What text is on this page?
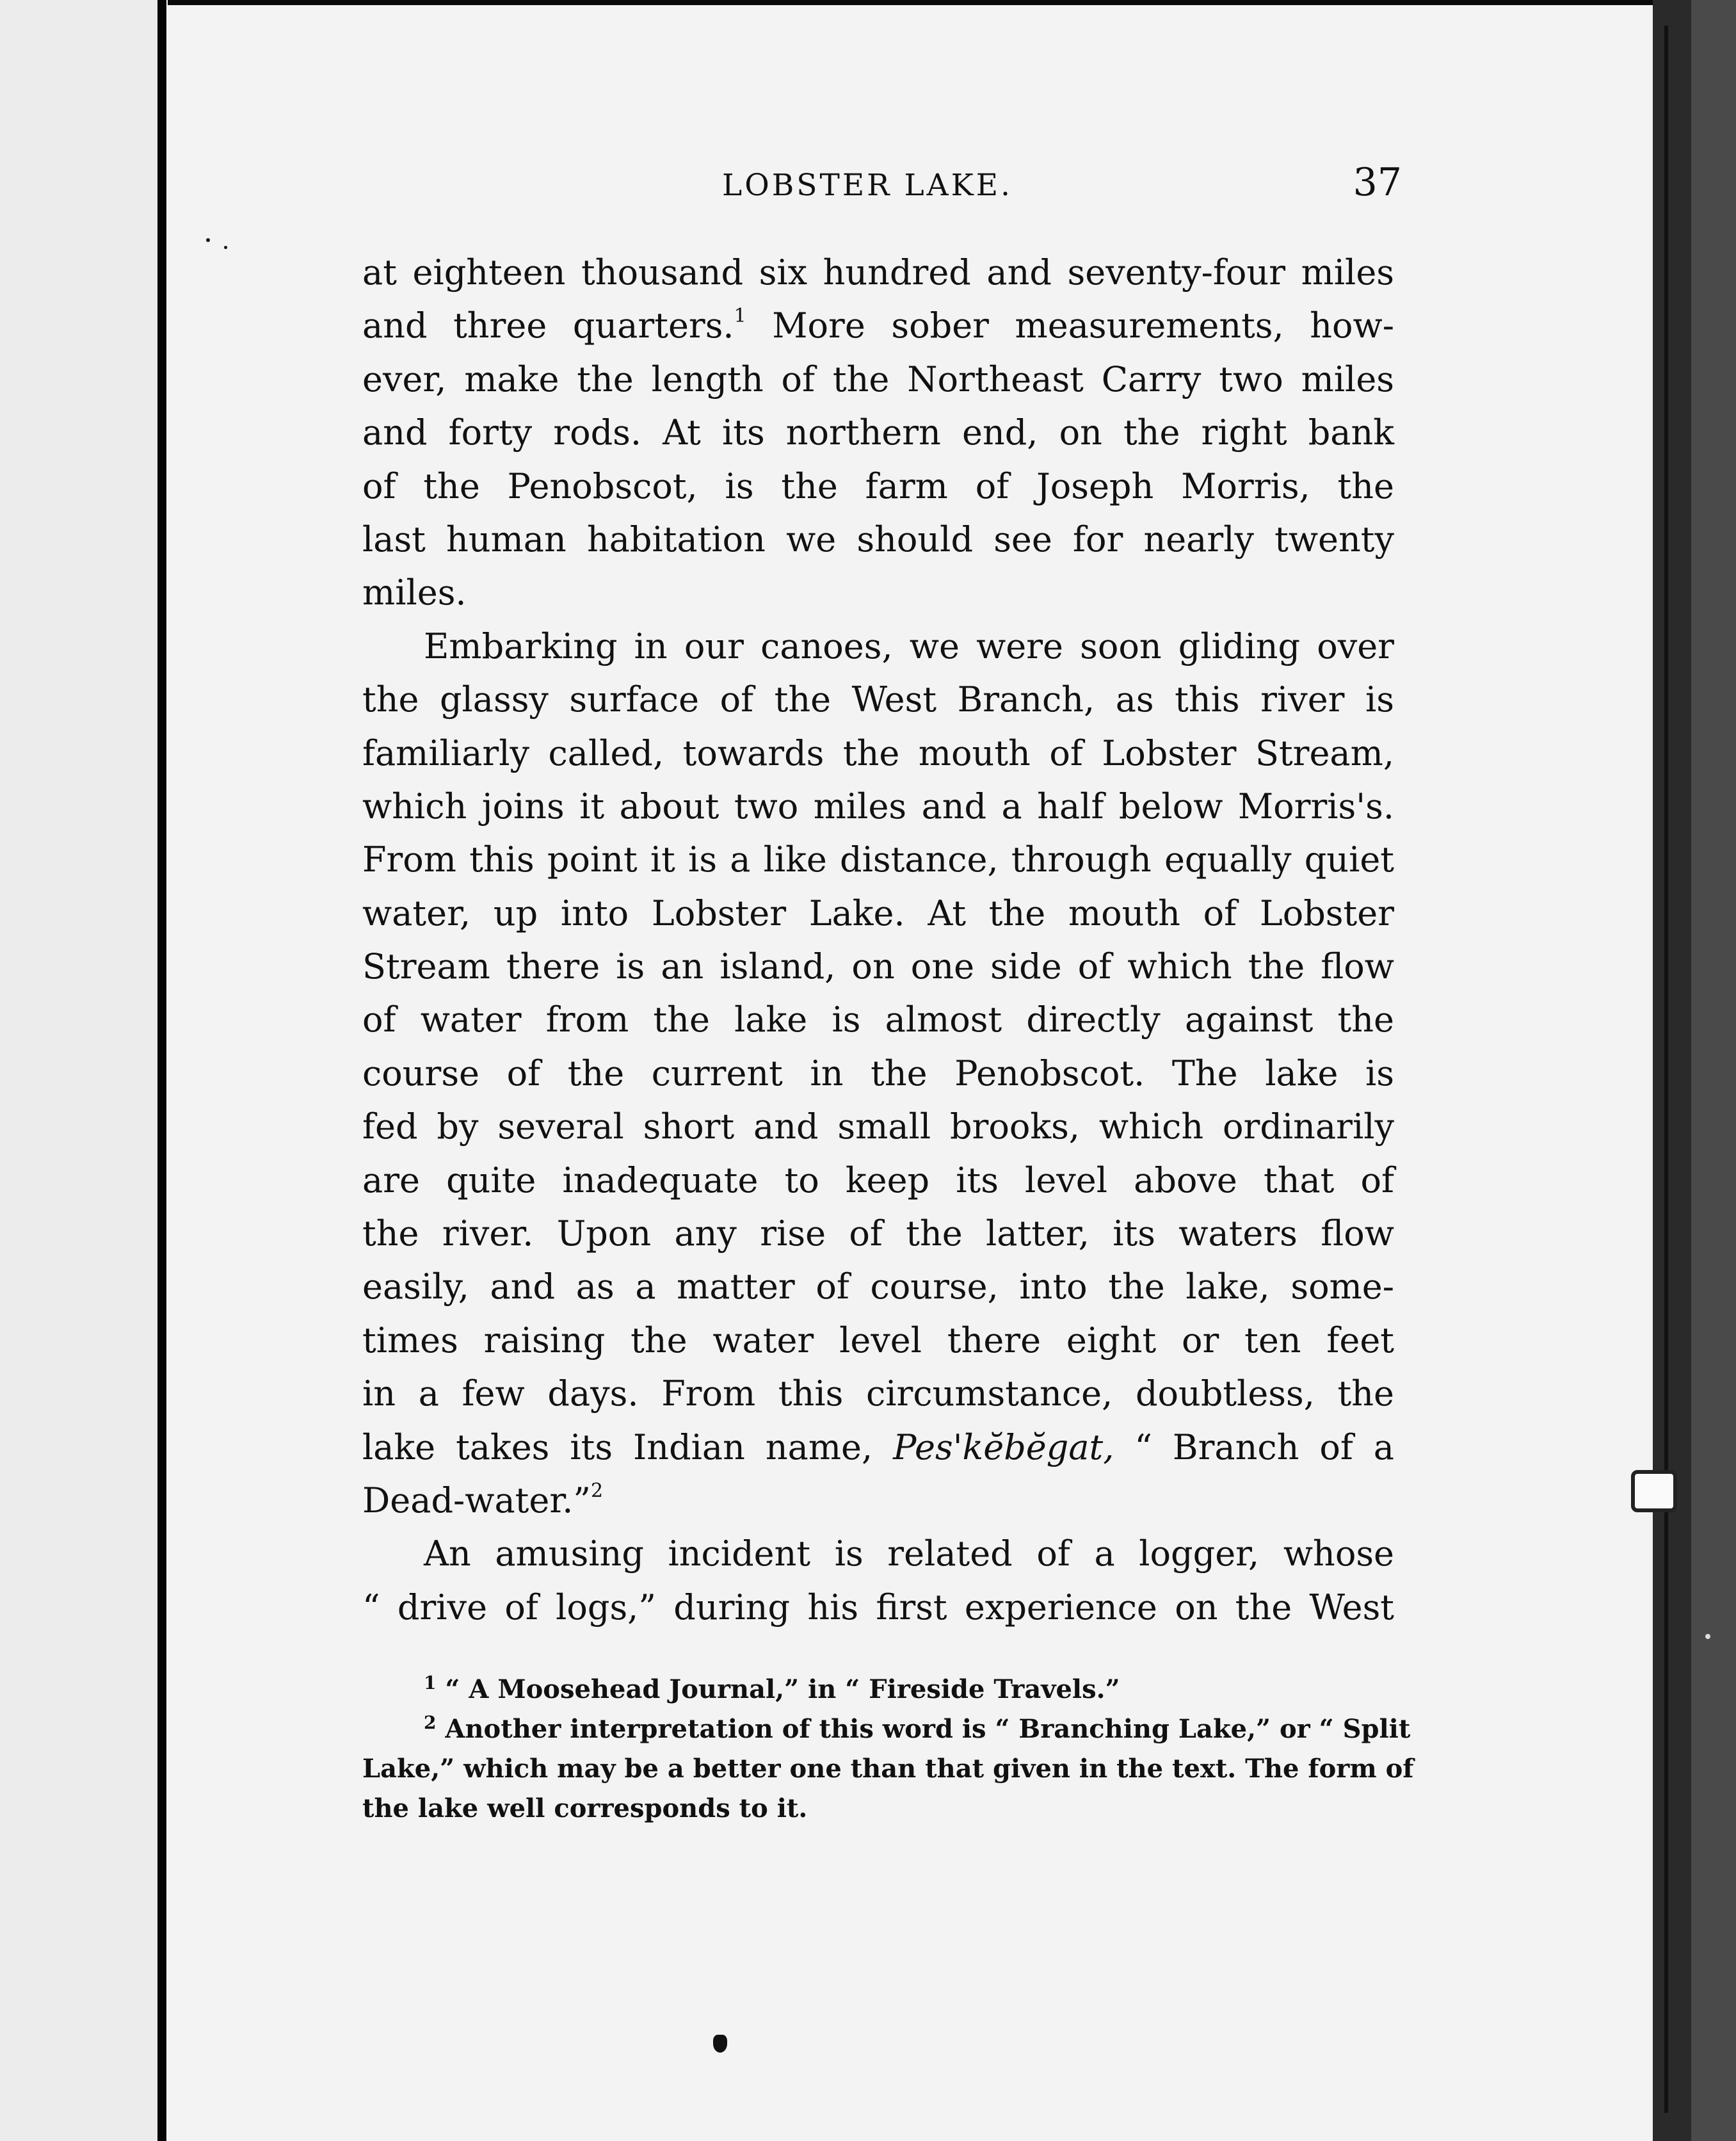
LOBSTER LAKE.	37
at eighteen thousand six hundred and seventy-four miles
and three quarters.$^1$ More sober measurements, how-
ever, make the length of the Northeast Carry two miles
and forty rods. At its northern end, on the right bank
of the Penobscot, is the farm of Joseph Morris, the
last human habitation we should see for nearly twenty
miles.
Embarking in our canoes, we were soon gliding over
the glassy surface of the West Branch, as this river is
familiarly called, towards the mouth of Lobster Stream,
which joins it about two miles and a half below Morris's.
From this point it is a like distance, through equally quiet
water, up into Lobster Lake. At the mouth of Lobster
Stream there is an island, on one side of which the flow
of water from the lake is almost directly against the
course of the current in the Penobscot. The lake is
fed by several short and small brooks, which ordinarily
are quite inadequate to keep its level above that of
the river. Upon any rise of the latter, its waters flow
easily, and as a matter of course, into the lake, some-
times raising the water level there eight or ten feet
in a few days. From this circumstance, doubtless, the
lake takes its Indian name, Pes'kĕbĕgat, “ Branch of a
Dead-water.”$^2$
An amusing incident is related of a logger, whose
“ drive of logs,” during his first experience on the West
$^1$ “ A Moosehead Journal,” in “ Fireside Travels.”
$^2$ Another interpretation of this word is “ Branching Lake,” or “ Split
Lake,” which may be a better one than that given in the text. The form of
the lake well corresponds to it.
